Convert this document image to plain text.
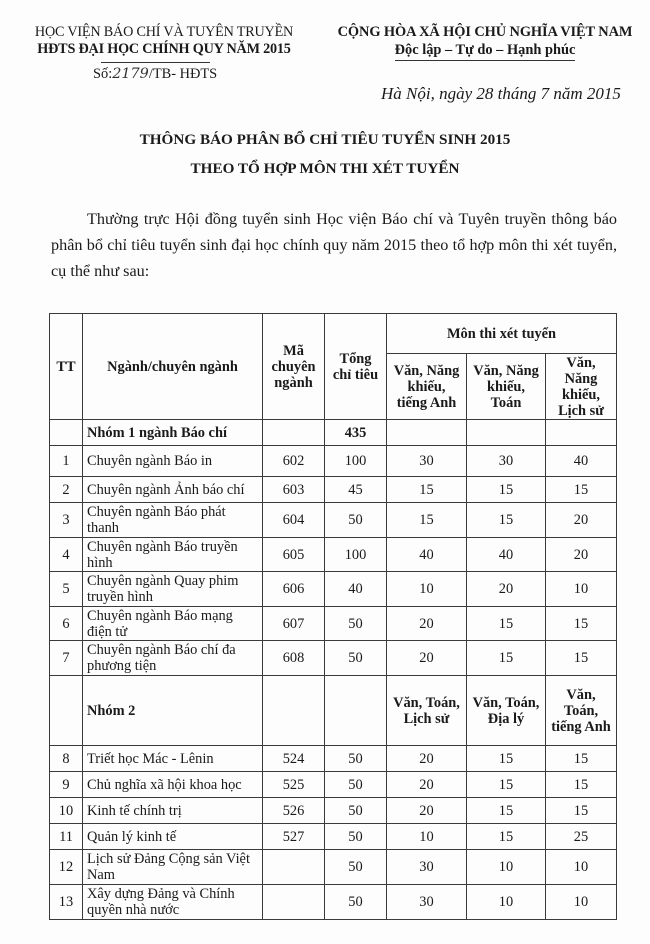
HỌC VIỆN BÁO CHÍ VÀ TUYÊN TRUYỀN
HĐTS ĐẠI HỌC CHÍNH QUY NĂM 2015
Số:2179/TB- HĐTS
CỘNG HÒA XÃ HỘI CHỦ NGHĨA VIỆT NAM
Độc lập – Tự do – Hạnh phúc
Hà Nội, ngày 28 tháng 7 năm 2015
THÔNG BÁO PHÂN BỔ CHỈ TIÊU TUYỂN SINH 2015
THEO TỔ HỢP MÔN THI XÉT TUYỂN
Thường trực Hội đồng tuyển sinh Học viện Báo chí và Tuyên truyền thông báo phân bổ chỉ tiêu tuyển sinh đại học chính quy năm 2015 theo tổ hợp môn thi xét tuyển, cụ thể như sau:
TT	Ngành/chuyên ngành	Mã chuyên ngành	Tổng chỉ tiêu	Môn thi xét tuyển		
				Văn, Năng khiếu, tiếng Anh	Văn, Năng khiếu, Toán	Văn, Năng khiếu, Lịch sử
	Nhóm 1 ngành Báo chí		435			
1	Chuyên ngành Báo in	602	100	30	30	40
2	Chuyên ngành Ảnh báo chí	603	45	15	15	15
3	Chuyên ngành Báo phát thanh	604	50	15	15	20
4	Chuyên ngành Báo truyền hình	605	100	40	40	20
5	Chuyên ngành Quay phim truyền hình	606	40	10	20	10
6	Chuyên ngành Báo mạng điện tử	607	50	20	15	15
7	Chuyên ngành Báo chí đa phương tiện	608	50	20	15	15
	Nhóm 2			Văn, Toán, Lịch sử	Văn, Toán, Địa lý	Văn, Toán, tiếng Anh
8	Triết học Mác - Lênin	524	50	20	15	15
9	Chủ nghĩa xã hội khoa học	525	50	20	15	15
10	Kinh tế chính trị	526	50	20	15	15
11	Quản lý kinh tế	527	50	10	15	25
12	Lịch sử Đảng Cộng sản Việt Nam		50	30	10	10
13	Xây dựng Đảng và Chính quyền nhà nước		50	30	10	10
